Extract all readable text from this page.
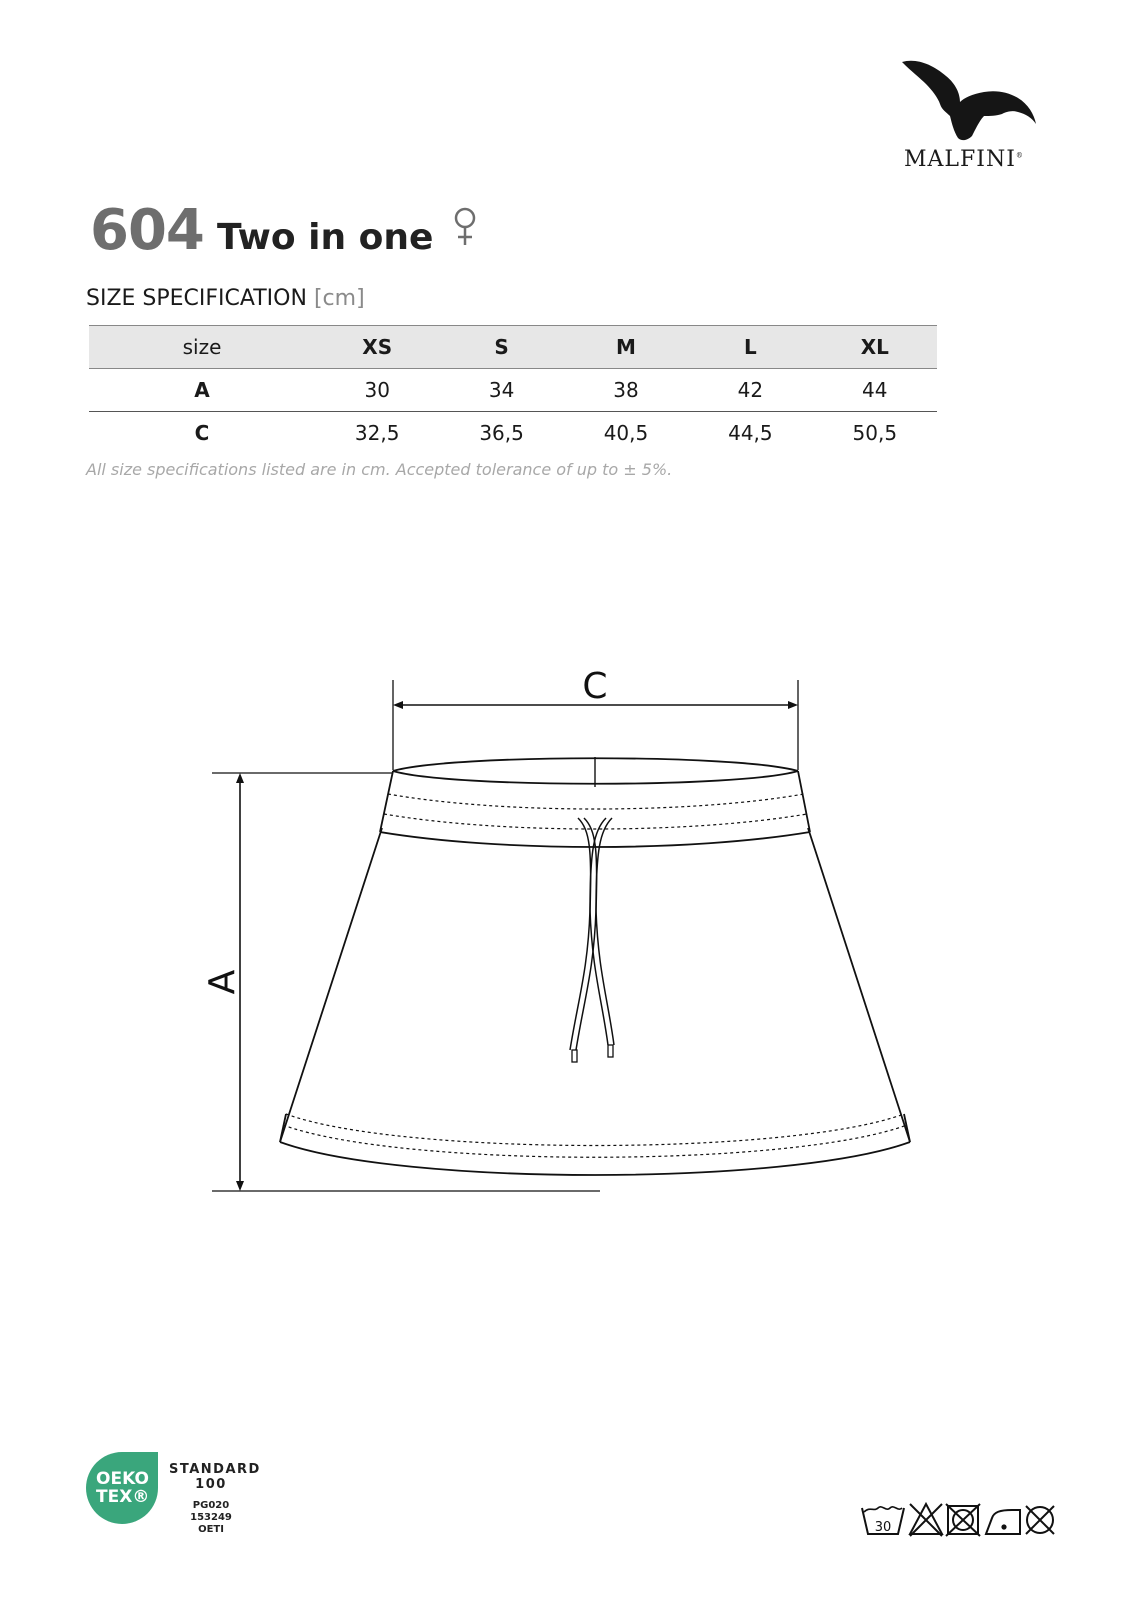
MALFINI®
604 Two in one
SIZE SPECIFICATION [cm]
size	XS	S	M	L	XL
A	30	34	38	42	44
C	32,5	36,5	40,5	44,5	50,5
All size specifications listed are in cm. Accepted tolerance of up to ± 5%.
C
A
OEKO
TEX®
STANDARD
100
PG020 153249
OETI	30
